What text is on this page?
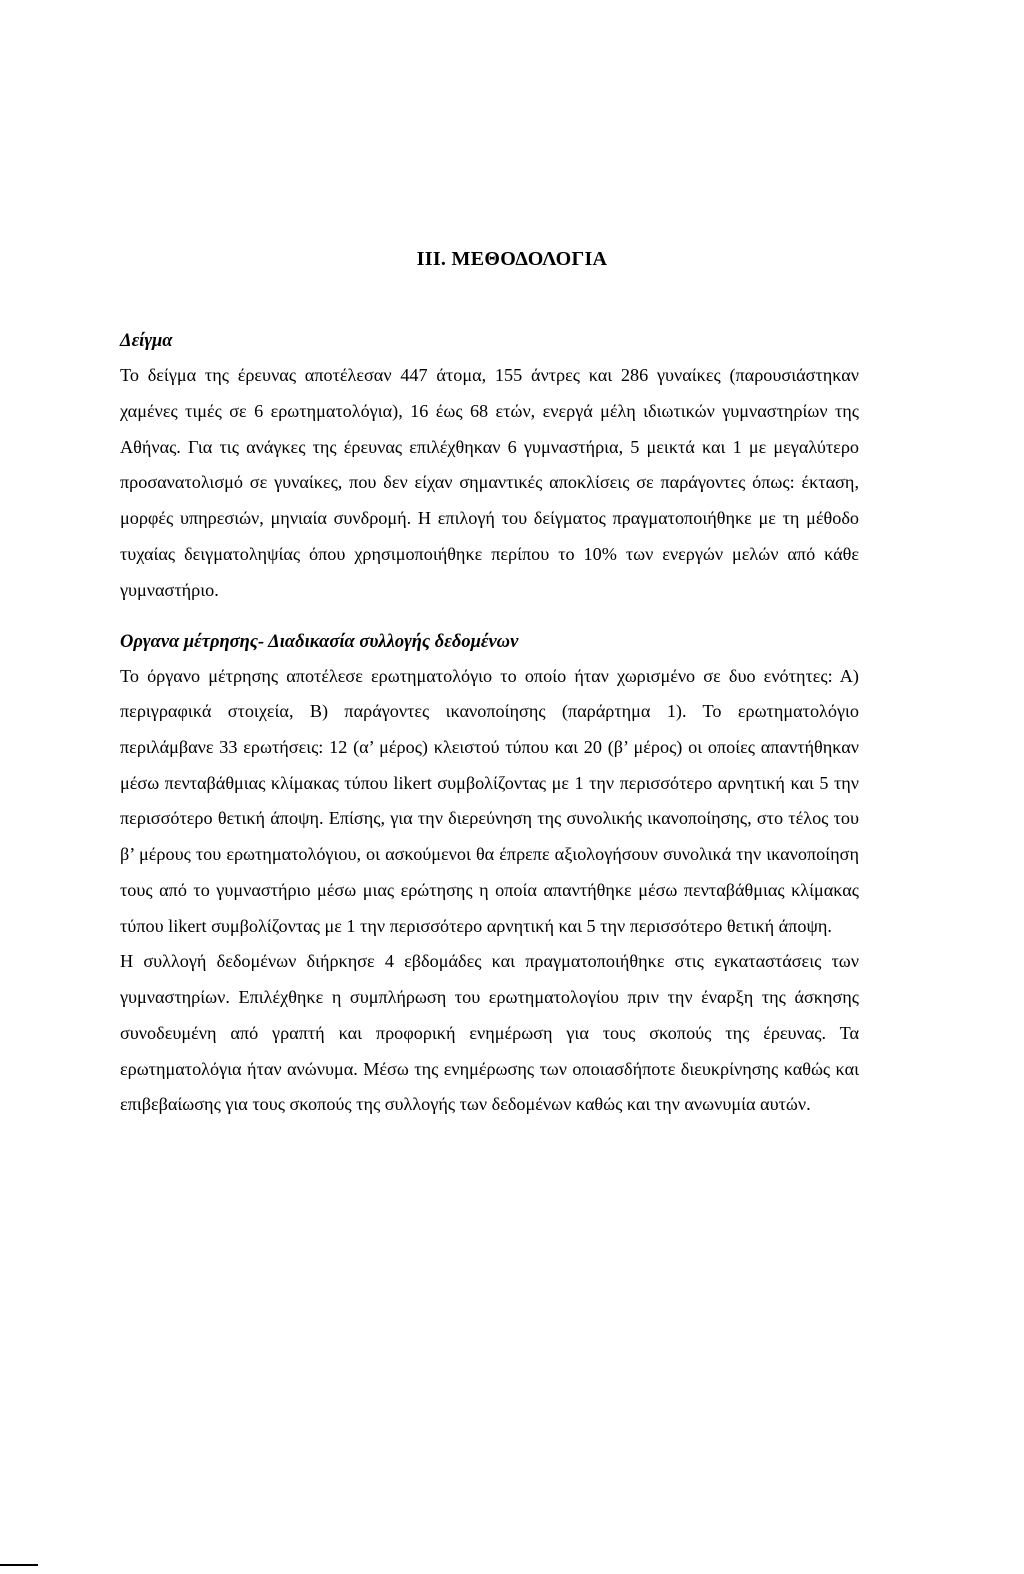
III. ΜΕΘΟΔΟΛΟΓΙΑ
Δείγμα

Το δείγμα της έρευνας αποτέλεσαν 447 άτομα, 155 άντρες και 286 γυναίκες (παρουσιάστηκαν χαμένες τιμές σε 6 ερωτηματολόγια), 16 έως 68 ετών, ενεργά μέλη ιδιωτικών γυμναστηρίων της Αθήνας. Για τις ανάγκες της έρευνας επιλέχθηκαν 6 γυμναστήρια, 5 μεικτά και 1 με μεγαλύτερο προσανατολισμό σε γυναίκες, που δεν είχαν σημαντικές αποκλίσεις σε παράγοντες όπως: έκταση, μορφές υπηρεσιών, μηνιαία συνδρομή. Η επιλογή του δείγματος πραγματοποιήθηκε με τη μέθοδο τυχαίας δειγματοληψίας όπου χρησιμοποιήθηκε περίπου το 10% των ενεργών μελών από κάθε γυμναστήριο.

Οργανα μέτρησης- Διαδικασία συλλογής δεδομένων

Το όργανο μέτρησης αποτέλεσε ερωτηματολόγιο το οποίο ήταν χωρισμένο σε δυο ενότητες: Α) περιγραφικά στοιχεία, Β) παράγοντες ικανοποίησης (παράρτημα 1). Το ερωτηματολόγιο περιλάμβανε 33 ερωτήσεις: 12 (α’ μέρος) κλειστού τύπου και 20 (β’ μέρος) οι οποίες απαντήθηκαν μέσω πενταβάθμιας κλίμακας τύπου likert συμβολίζοντας με 1 την περισσότερο αρνητική και 5 την περισσότερο θετική άποψη. Επίσης, για την διερεύνηση της συνολικής ικανοποίησης, στο τέλος του β’ μέρους του ερωτηματολόγιου, οι ασκούμενοι θα έπρεπε αξιολογήσουν συνολικά την ικανοποίηση τους από το γυμναστήριο μέσω μιας ερώτησης η οποία απαντήθηκε μέσω πενταβάθμιας κλίμακας τύπου likert συμβολίζοντας με 1 την περισσότερο αρνητική και 5 την περισσότερο θετική άποψη.

Η συλλογή δεδομένων διήρκησε 4 εβδομάδες και πραγματοποιήθηκε στις εγκαταστάσεις των γυμναστηρίων. Επιλέχθηκε η συμπλήρωση του ερωτηματολογίου πριν την έναρξη της άσκησης συνοδευμένη από γραπτή και προφορική ενημέρωση για τους σκοπούς της έρευνας. Τα ερωτηματολόγια ήταν ανώνυμα. Μέσω της ενημέρωσης των οποιασδήποτε διευκρίνησης καθώς και επιβεβαίωσης για τους σκοπούς της συλλογής των δεδομένων καθώς και την ανωνυμία αυτών.
